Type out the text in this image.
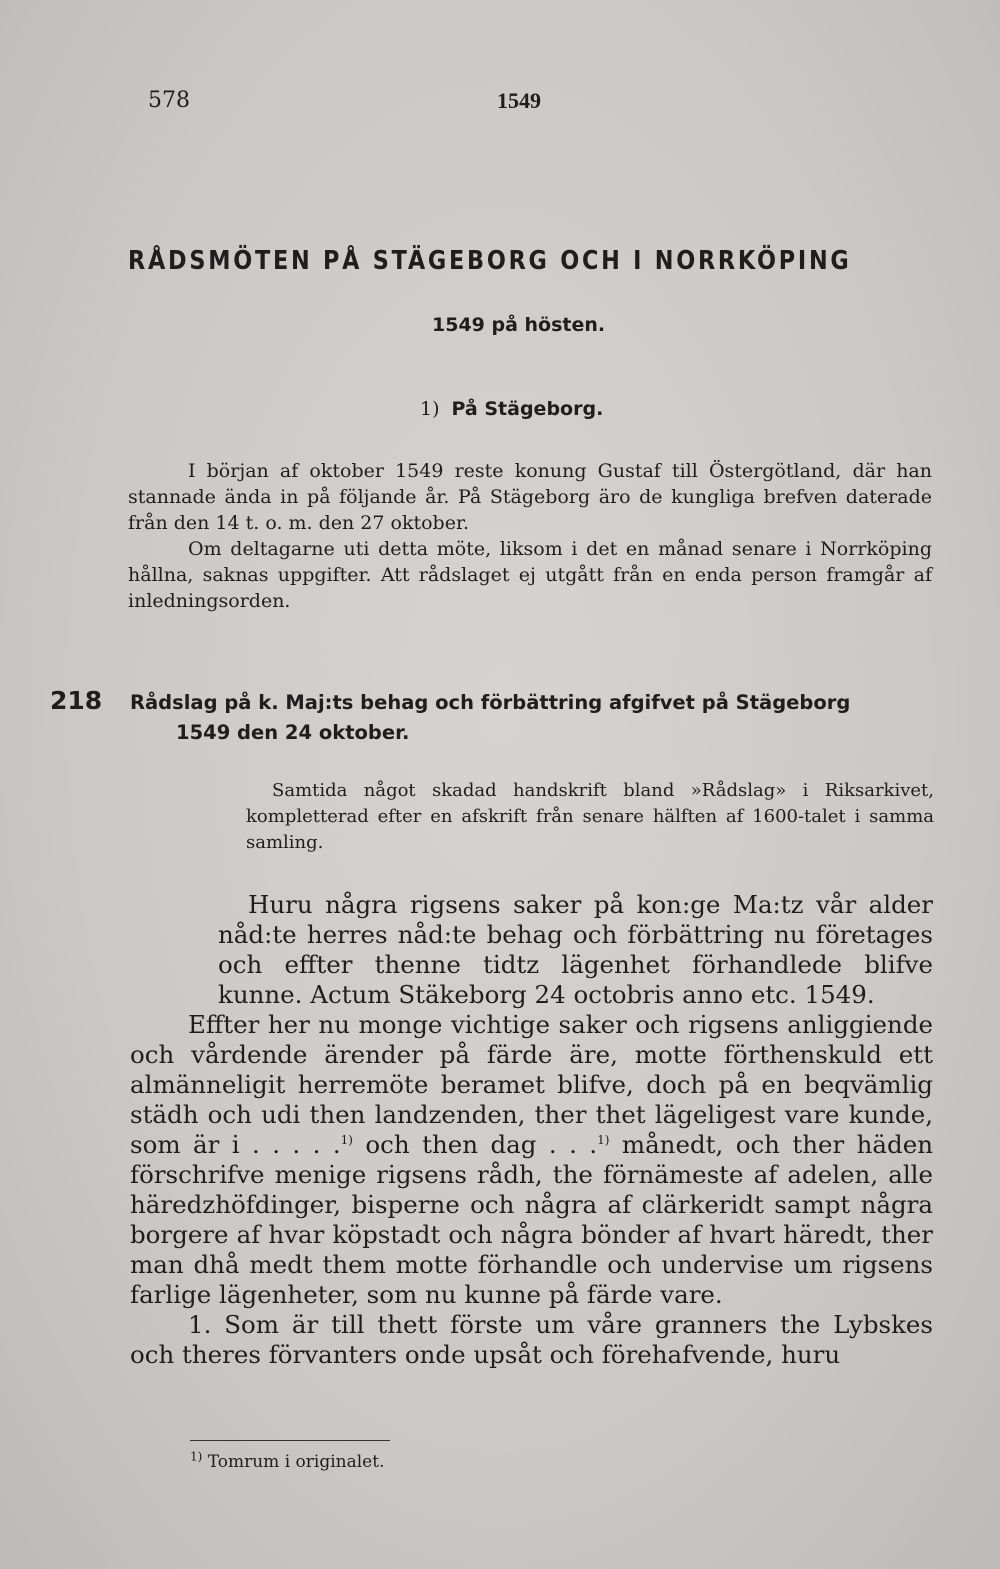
578	1549
RÅDSMÖTEN PÅ STÄGEBORG OCH I NORRKÖPING
1549 på hösten.
1) På Stägeborg.

I början af oktober 1549 reste konung Gustaf till Östergötland, där han stannade ända in på följande år. På Stägeborg äro de kungliga brefven daterade från den 14 t. o. m. den 27 oktober.

Om deltagarne uti detta möte, liksom i det en månad senare i Norrköping hållna, saknas uppgifter. Att rådslaget ej utgått från en enda person framgår af inledningsorden.

218 Rådslag på k. Maj:ts behag och förbättring afgifvet på Stägeborg
1549 den 24 oktober.

Samtida något skadad handskrift bland »Rådslag» i Riksarkivet, kompletterad efter en afskrift från senare hälften af 1600-talet i samma samling.

Huru några rigsens saker på kon:ge Ma:tz vår alder nåd:te herres nåd:te behag och förbättring nu företages och effter thenne tidtz lägenhet förhandlede blifve kunne. Actum Stäkeborg 24 octobris anno etc. 1549.

Effter her nu monge vichtige saker och rigsens anliggiende och vårdende ärender på färde äre, motte förthenskuld ett almänneligit herremöte beramet blifve, doch på en beqvämlig städh och udi then landzenden, ther thet lägeligest vare kunde, som är i . . . . .$^{1)}$ och then dag . . .$^{1)}$ månedt, och ther häden förschrifve menige rigsens rådh, the förnämeste af adelen, alle häredzhöfdinger, bisperne och några af clärkeridt sampt några borgere af hvar köpstadt och några bönder af hvart häredt, ther man dhå medt them motte förhandle och undervise um rigsens farlige lägenheter, som nu kunne på färde vare.

1. Som är till thett förste um våre granners the Lybskes och theres förvanters onde upsåt och förehafvende, huru

$^{1)}$ Tomrum i originalet.
